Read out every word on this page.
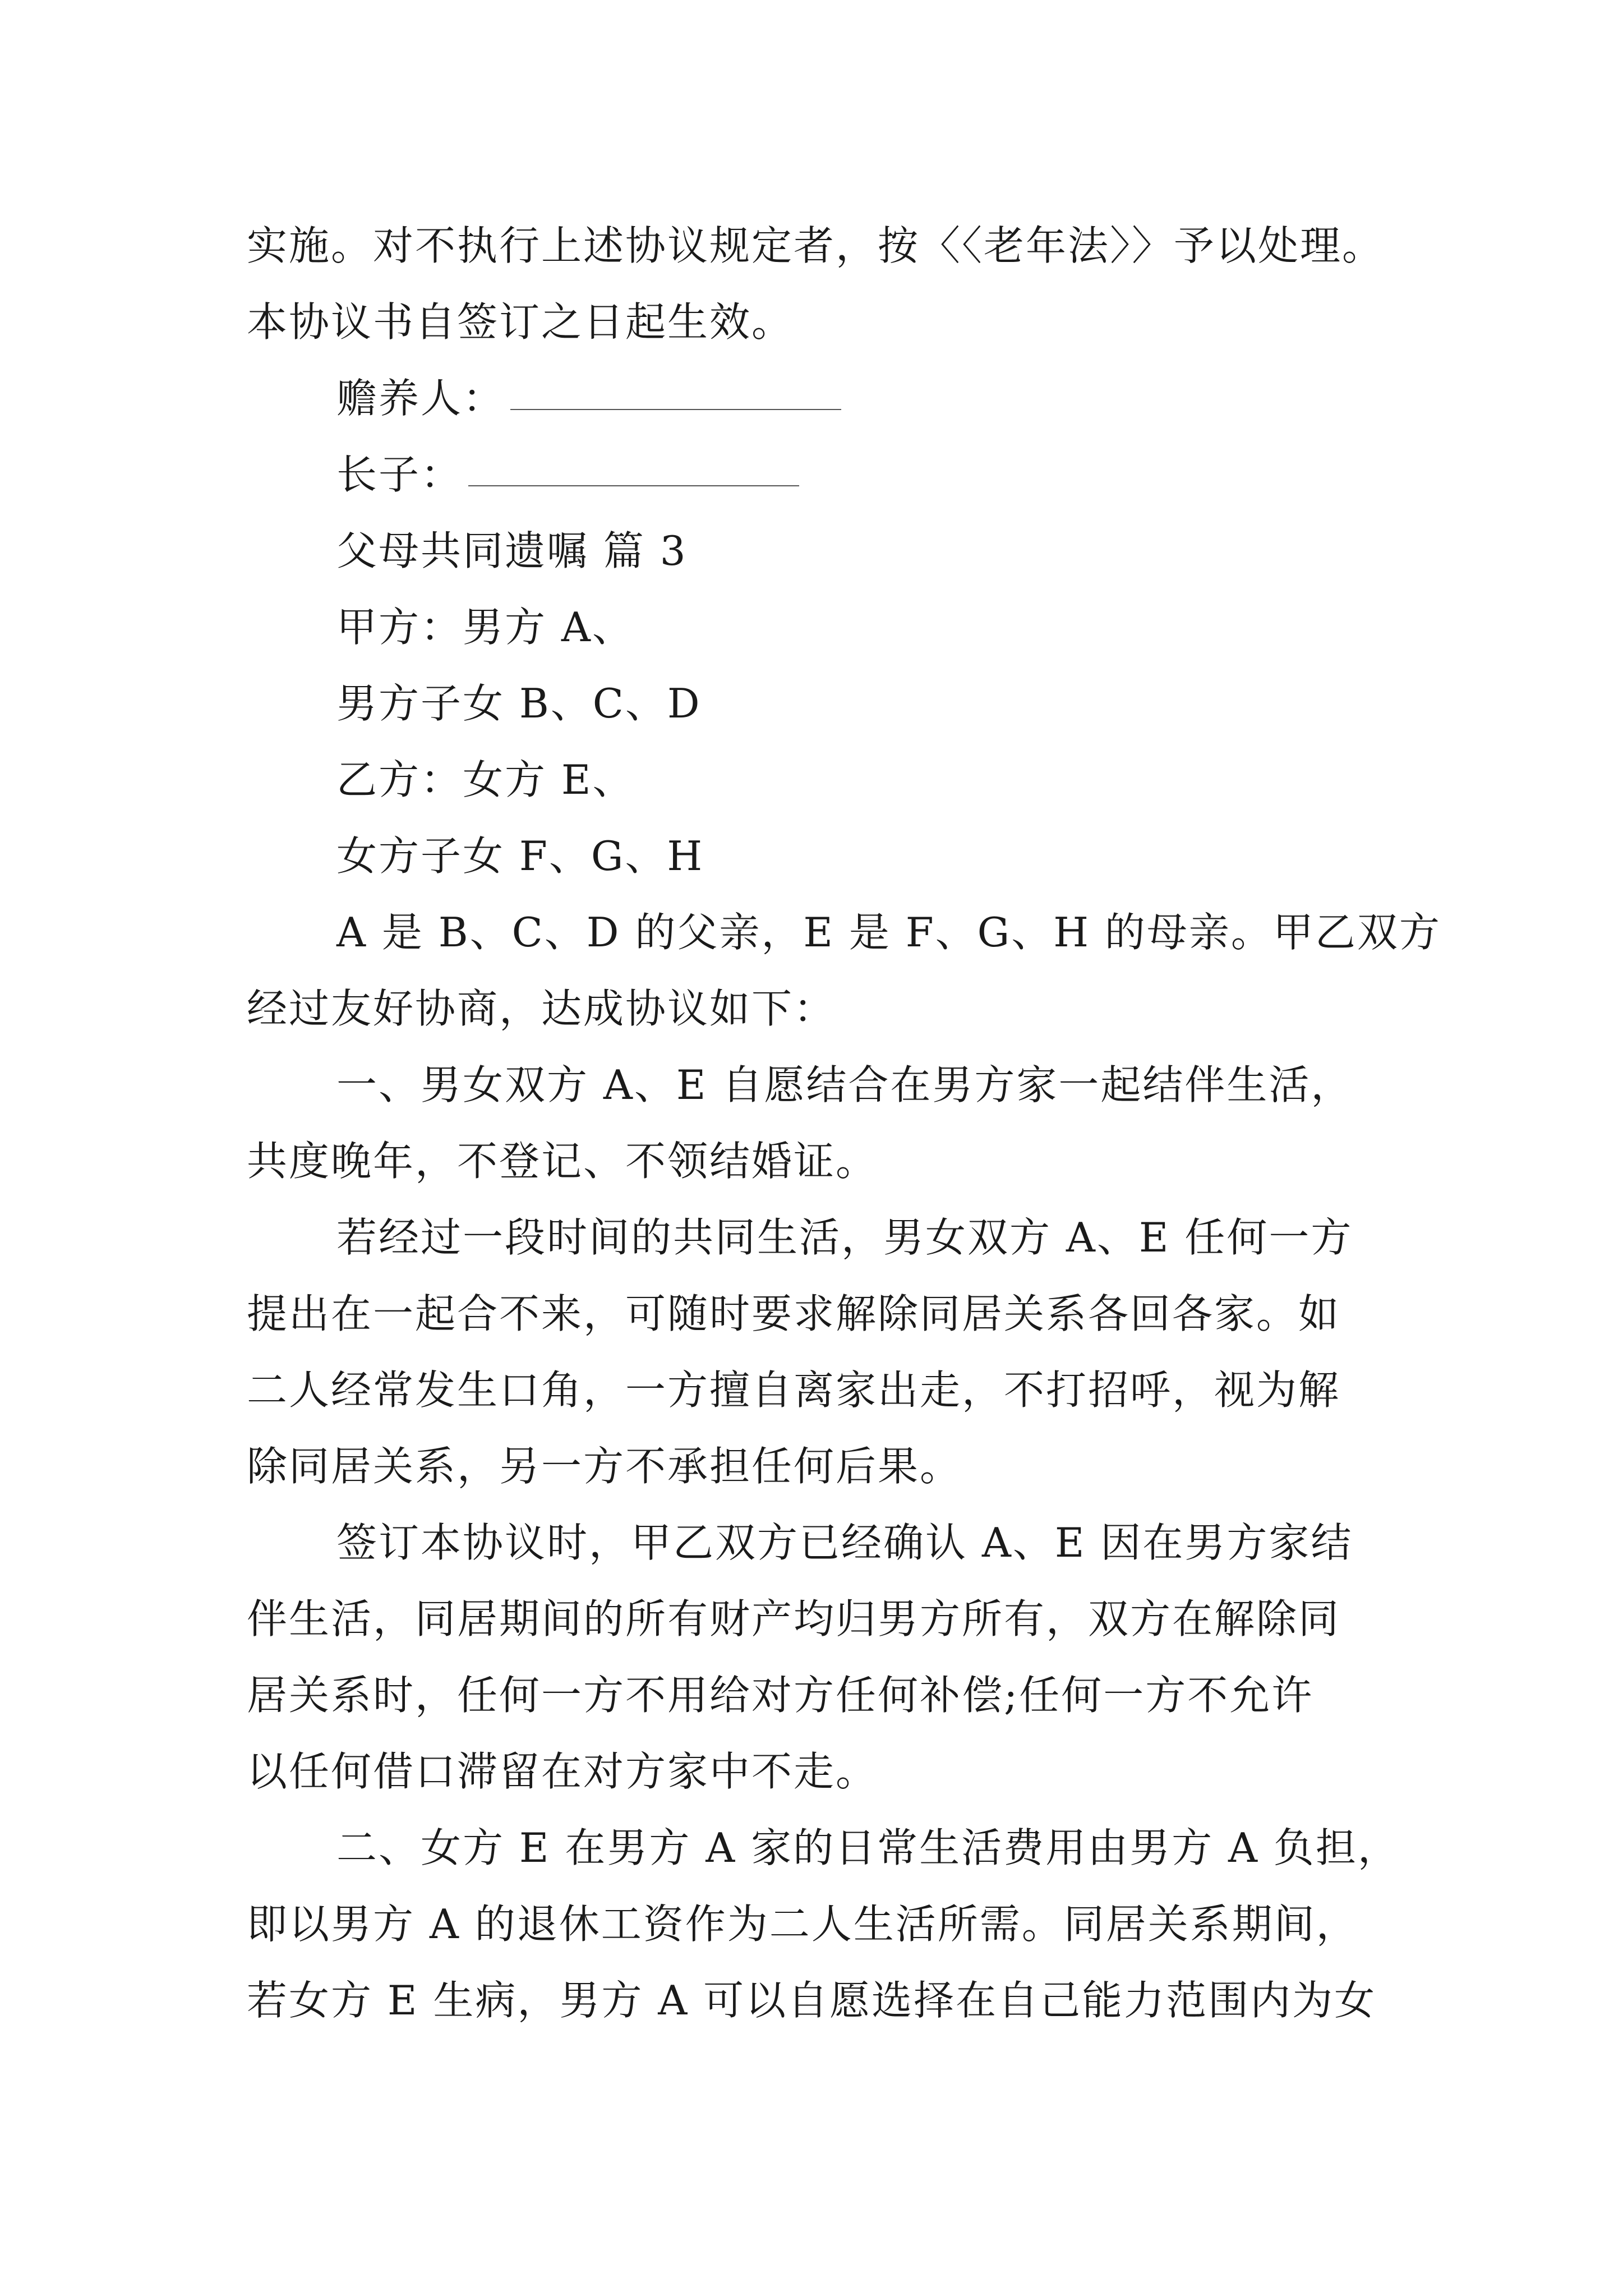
实施。对不执行上述协议规定者，按〈〈老年法〉〉予以处理。
本协议书自签订之日起生效。
赡养人：
长子：
父母共同遗嘱 篇 3
甲方：男方 A、
男方子女 B、C、D
乙方：女方 E、
女方子女 F、G、H
A 是 B、C、D 的父亲，E 是 F、G、H 的母亲。甲乙双方
经过友好协商，达成协议如下：
一、男女双方 A、E 自愿结合在男方家一起结伴生活，
共度晚年，不登记、不领结婚证。
若经过一段时间的共同生活，男女双方 A、E 任何一方
提出在一起合不来，可随时要求解除同居关系各回各家。如
二人经常发生口角，一方擅自离家出走，不打招呼，视为解
除同居关系，另一方不承担任何后果。
签订本协议时，甲乙双方已经确认 A、E 因在男方家结
伴生活，同居期间的所有财产均归男方所有，双方在解除同
居关系时，任何一方不用给对方任何补偿;任何一方不允许
以任何借口滞留在对方家中不走。
二、女方 E 在男方 A 家的日常生活费用由男方 A 负担，
即以男方 A 的退休工资作为二人生活所需。同居关系期间，
若女方 E 生病，男方 A 可以自愿选择在自己能力范围内为女
